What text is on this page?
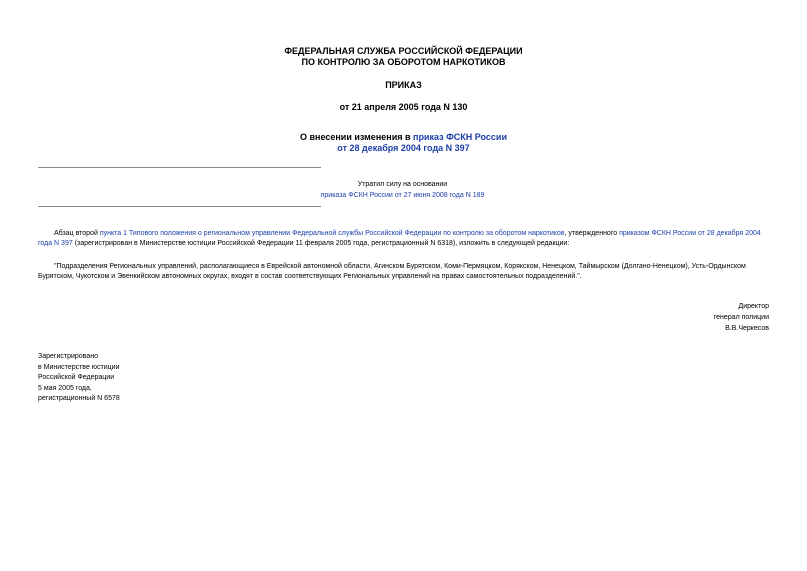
ФЕДЕРАЛЬНАЯ СЛУЖБА РОССИЙСКОЙ ФЕДЕРАЦИИ
ПО КОНТРОЛЮ ЗА ОБОРОТОМ НАРКОТИКОВ
ПРИКАЗ
от 21 апреля 2005 года N 130
О внесении изменения в приказ ФСКН России
от 28 декабря 2004 года N 397
Утратил силу на основании
приказа ФСКН России от 27 июня 2008 года N 189
Абзац второй пункта 1 Типового положения о региональном управлении Федеральной службы Российской Федерации по контролю за оборотом наркотиков, утвержденного приказом ФСКН России от 28 декабря 2004 года N 397 (зарегистрирован в Министерстве юстиции Российской Федерации 11 февраля 2005 года, регистрационный N 6318), изложить в следующей редакции:
"Подразделения Региональных управлений, располагающиеся в Еврейской автономной области, Агинском Бурятском, Коми-Пермяцком, Корякском, Ненецком, Таймырском (Долгано-Ненецком), Усть-Ордынском Бурятском, Чукотском и Эвенкийском автономных округах, входят в состав соответствующих Региональных управлений на правах самостоятельных подразделений.".
Директор
генерал полиции
В.В.Черкесов
Зарегистрировано
в Министерстве юстиции
Российской Федерации
5 мая 2005 года,
регистрационный N 6578
